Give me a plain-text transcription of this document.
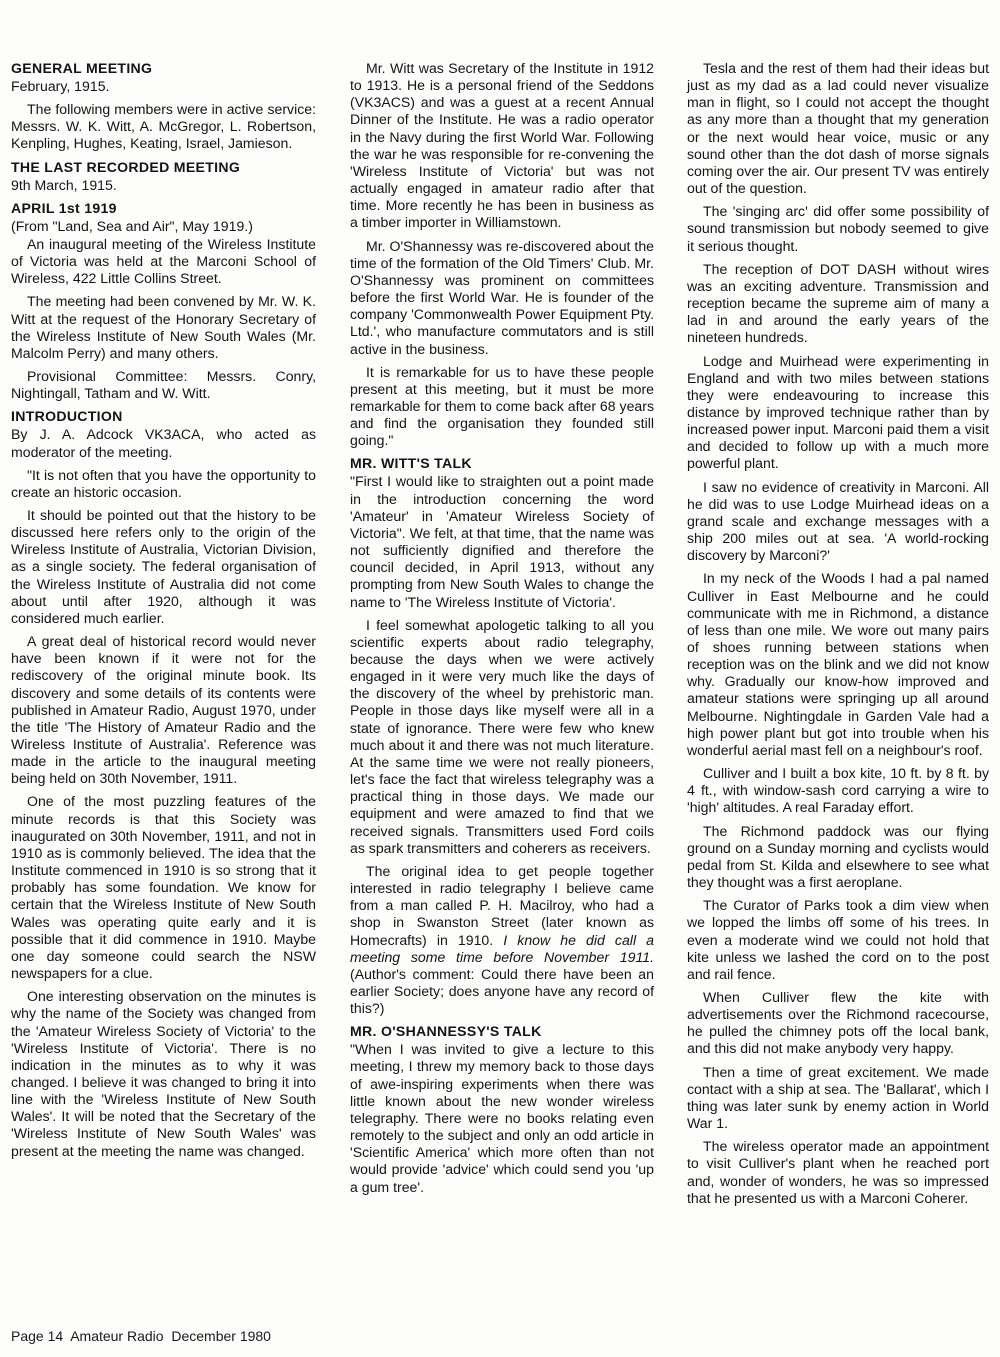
GENERAL MEETING

February, 1915.

The following members were in active service: Messrs. W. K. Witt, A. McGregor, L. Robertson, Kenpling, Hughes, Keating, Israel, Jamieson.

THE LAST RECORDED MEETING

9th March, 1915.

APRIL 1st 1919

(From "Land, Sea and Air", May 1919.)

An inaugural meeting of the Wireless Institute of Victoria was held at the Marconi School of Wireless, 422 Little Collins Street.

The meeting had been convened by Mr. W. K. Witt at the request of the Honorary Secretary of the Wireless Institute of New South Wales (Mr. Malcolm Perry) and many others.

Provisional Committee: Messrs. Conry, Nightingall, Tatham and W. Witt.

INTRODUCTION

By J. A. Adcock VK3ACA, who acted as moderator of the meeting.

"It is not often that you have the opportunity to create an historic occasion.

It should be pointed out that the history to be discussed here refers only to the origin of the Wireless Institute of Australia, Victorian Division, as a single society. The federal organisation of the Wireless Institute of Australia did not come about until after 1920, although it was considered much earlier.

A great deal of historical record would never have been known if it were not for the rediscovery of the original minute book. Its discovery and some details of its contents were published in Amateur Radio, August 1970, under the title 'The History of Amateur Radio and the Wireless Institute of Australia'. Reference was made in the article to the inaugural meeting being held on 30th November, 1911.

One of the most puzzling features of the minute records is that this Society was inaugurated on 30th November, 1911, and not in 1910 as is commonly believed. The idea that the Institute commenced in 1910 is so strong that it probably has some foundation. We know for certain that the Wireless Institute of New South Wales was operating quite early and it is possible that it did commence in 1910. Maybe one day someone could search the NSW newspapers for a clue.

One interesting observation on the minutes is why the name of the Society was changed from the 'Amateur Wireless Society of Victoria' to the 'Wireless Institute of Victoria'. There is no indication in the minutes as to why it was changed. I believe it was changed to bring it into line with the 'Wireless Institute of New South Wales'. It will be noted that the Secretary of the 'Wireless Institute of New South Wales' was present at the meeting the name was changed.

Mr. Witt was Secretary of the Institute in 1912 to 1913. He is a personal friend of the Seddons (VK3ACS) and was a guest at a recent Annual Dinner of the Institute. He was a radio operator in the Navy during the first World War. Following the war he was responsible for re-convening the 'Wireless Institute of Victoria' but was not actually engaged in amateur radio after that time. More recently he has been in business as a timber importer in Williamstown.

Mr. O'Shannessy was re-discovered about the time of the formation of the Old Timers' Club. Mr. O'Shannessy was prominent on committees before the first World War. He is founder of the company 'Commonwealth Power Equipment Pty. Ltd.', who manufacture commutators and is still active in the business.

It is remarkable for us to have these people present at this meeting, but it must be more remarkable for them to come back after 68 years and find the organisation they founded still going."

MR. WITT'S TALK

"First I would like to straighten out a point made in the introduction concerning the word 'Amateur' in 'Amateur Wireless Society of Victoria". We felt, at that time, that the name was not sufficiently dignified and therefore the council decided, in April 1913, without any prompting from New South Wales to change the name to 'The Wireless Institute of Victoria'.

I feel somewhat apologetic talking to all you scientific experts about radio telegraphy, because the days when we were actively engaged in it were very much like the days of the discovery of the wheel by prehistoric man. People in those days like myself were all in a state of ignorance. There were few who knew much about it and there was not much literature. At the same time we were not really pioneers, let's face the fact that wireless telegraphy was a practical thing in those days. We made our equipment and were amazed to find that we received signals. Transmitters used Ford coils as spark transmitters and coherers as receivers.

The original idea to get people together interested in radio telegraphy I believe came from a man called P. H. Macilroy, who had a shop in Swanston Street (later known as Homecrafts) in 1910. I know he did call a meeting some time before November 1911. (Author's comment: Could there have been an earlier Society; does anyone have any record of this?)

MR. O'SHANNESSY'S TALK

"When I was invited to give a lecture to this meeting, I threw my memory back to those days of awe-inspiring experiments when there was little known about the new wonder wireless telegraphy. There were no books relating even remotely to the subject and only an odd article in 'Scientific America' which more often than not would provide 'advice' which could send you 'up a gum tree'.

Tesla and the rest of them had their ideas but just as my dad as a lad could never visualize man in flight, so I could not accept the thought as any more than a thought that my generation or the next would hear voice, music or any sound other than the dot dash of morse signals coming over the air. Our present TV was entirely out of the question.

The 'singing arc' did offer some possibility of sound transmission but nobody seemed to give it serious thought.

The reception of DOT DASH without wires was an exciting adventure. Transmission and reception became the supreme aim of many a lad in and around the early years of the nineteen hundreds.

Lodge and Muirhead were experimenting in England and with two miles between stations they were endeavouring to increase this distance by improved technique rather than by increased power input. Marconi paid them a visit and decided to follow up with a much more powerful plant.

I saw no evidence of creativity in Marconi. All he did was to use Lodge Muirhead ideas on a grand scale and exchange messages with a ship 200 miles out at sea. 'A world-rocking discovery by Marconi?'

In my neck of the Woods I had a pal named Culliver in East Melbourne and he could communicate with me in Richmond, a distance of less than one mile. We wore out many pairs of shoes running between stations when reception was on the blink and we did not know why. Gradually our know-how improved and amateur stations were springing up all around Melbourne. Nightingdale in Garden Vale had a high power plant but got into trouble when his wonderful aerial mast fell on a neighbour's roof.

Culliver and I built a box kite, 10 ft. by 8 ft. by 4 ft., with window-sash cord carrying a wire to 'high' altitudes. A real Faraday effort.

The Richmond paddock was our flying ground on a Sunday morning and cyclists would pedal from St. Kilda and elsewhere to see what they thought was a first aeroplane.

The Curator of Parks took a dim view when we lopped the limbs off some of his trees. In even a moderate wind we could not hold that kite unless we lashed the cord on to the post and rail fence.

When Culliver flew the kite with advertisements over the Richmond racecourse, he pulled the chimney pots off the local bank, and this did not make anybody very happy.

Then a time of great excitement. We made contact with a ship at sea. The 'Ballarat', which I thing was later sunk by enemy action in World War 1.

The wireless operator made an appointment to visit Culliver's plant when he reached port and, wonder of wonders, he was so impressed that he presented us with a Marconi Coherer.

Page 14 Amateur Radio December 1980
